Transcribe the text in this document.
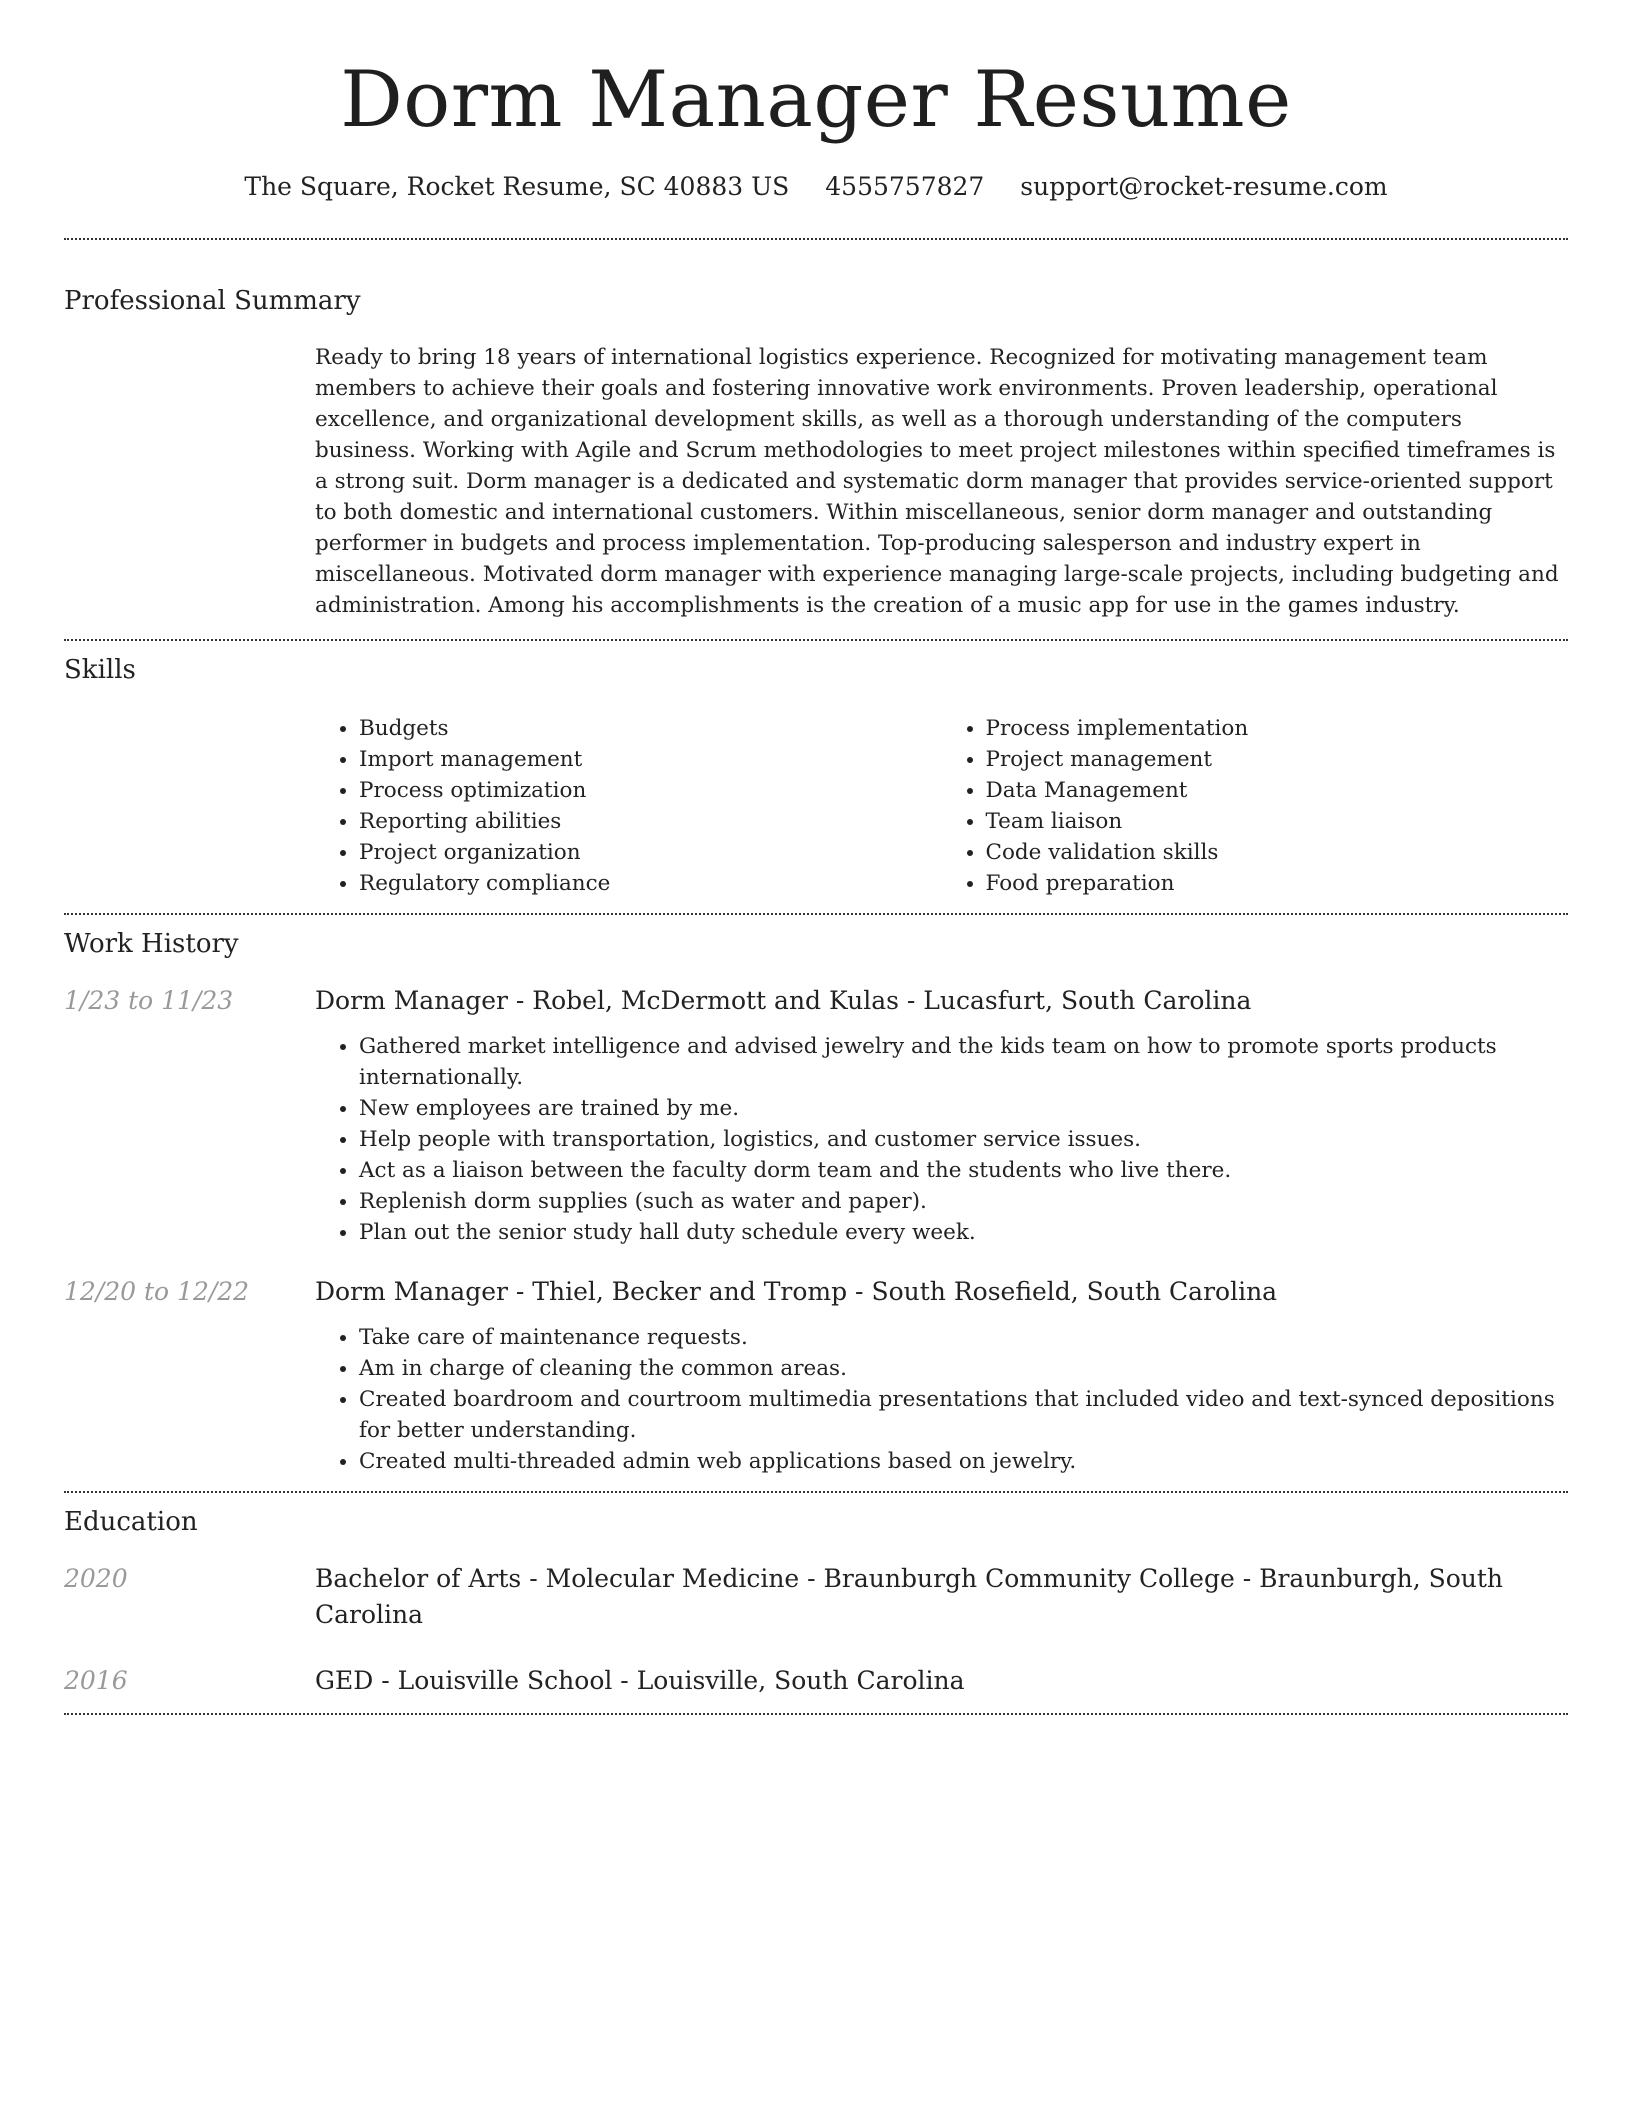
Dorm Manager Resume
The Square, Rocket Resume, SC 40883 US 4555757827 support@rocket-resume.com
Professional Summary

Ready to bring 18 years of international logistics experience. Recognized for motivating management team members to achieve their goals and fostering innovative work environments. Proven leadership, operational excellence, and organizational development skills, as well as a thorough understanding of the computers business. Working with Agile and Scrum methodologies to meet project milestones within specified timeframes is a strong suit. Dorm manager is a dedicated and systematic dorm manager that provides service-oriented support to both domestic and international customers. Within miscellaneous, senior dorm manager and outstanding performer in budgets and process implementation. Top-producing salesperson and industry expert in miscellaneous. Motivated dorm manager with experience managing large-scale projects, including budgeting and administration. Among his accomplishments is the creation of a music app for use in the games industry.

Skills
• Budgets
• Import management
• Process optimization
• Reporting abilities
• Project organization
• Regulatory compliance
• Process implementation
• Project management
• Data Management
• Team liaison
• Code validation skills
• Food preparation
Work History
1/23 to 11/23	Dorm Manager - Robel, McDermott and Kulas - Lucasfurt, South Carolina
• Gathered market intelligence and advised jewelry and the kids team on how to promote sports products internationally.
• New employees are trained by me.
• Help people with transportation, logistics, and customer service issues.
• Act as a liaison between the faculty dorm team and the students who live there.
• Replenish dorm supplies (such as water and paper).
• Plan out the senior study hall duty schedule every week.
12/20 to 12/22	Dorm Manager - Thiel, Becker and Tromp - South Rosefield, South Carolina
• Take care of maintenance requests.
• Am in charge of cleaning the common areas.
• Created boardroom and courtroom multimedia presentations that included video and text-synced depositions for better understanding.
• Created multi-threaded admin web applications based on jewelry.
Education
2020	Bachelor of Arts - Molecular Medicine - Braunburgh Community College - Braunburgh, South Carolina
2016	GED - Louisville School - Louisville, South Carolina
